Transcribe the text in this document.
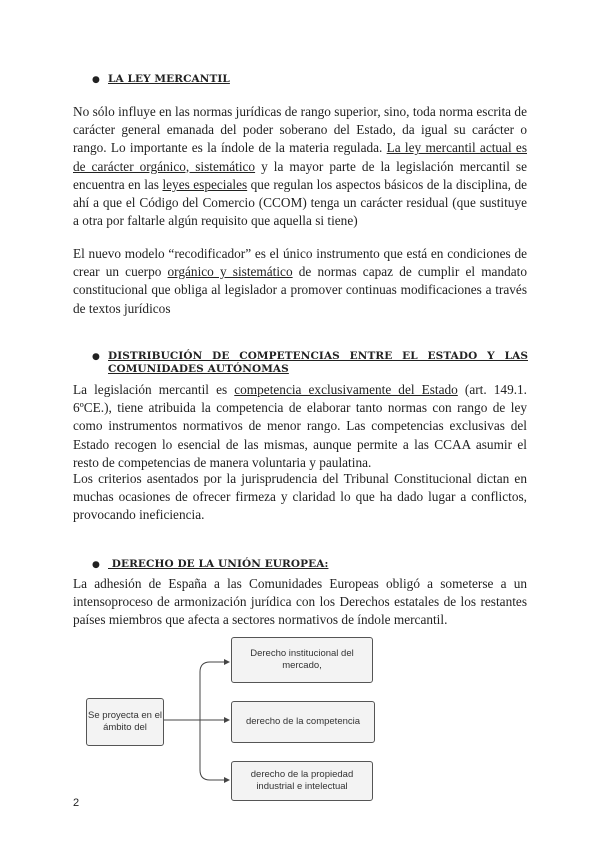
● LA LEY MERCANTIL

No sólo influye en las normas jurídicas de rango superior, sino, toda norma escrita de carácter general emanada del poder soberano del Estado, da igual su carácter o rango. Lo importante es la índole de la materia regulada. La ley mercantil actual es de carácter orgánico, sistemático y la mayor parte de la legislación mercantil se encuentra en las leyes especiales que regulan los aspectos básicos de la disciplina, de ahí a que el Código del Comercio (CCOM) tenga un carácter residual (que sustituye a otra por faltarle algún requisito que aquella si tiene)

El nuevo modelo “recodificador” es el único instrumento que está en condiciones de crear un cuerpo orgánico y sistemático de normas capaz de cumplir el mandato constitucional que obliga al legislador a promover continuas modificaciones a través de textos jurídicos

● DISTRIBUCIÓN DE COMPETENCIAS ENTRE EL ESTADO Y LAS COMUNIDADES AUTÓNOMAS

La legislación mercantil es competencia exclusivamente del Estado (art. 149.1. 6ºCE.), tiene atribuida la competencia de elaborar tanto normas con rango de ley como instrumentos normativos de menor rango. Las competencias exclusivas del Estado recogen lo esencial de las mismas, aunque permite a las CCAA asumir el resto de competencias de manera voluntaria y paulatina.

Los criterios asentados por la jurisprudencia del Tribunal Constitucional dictan en muchas ocasiones de ofrecer firmeza y claridad lo que ha dado lugar a conflictos, provocando ineficiencia.

● DERECHO DE LA UNIÓN EUROPEA:

La adhesión de España a las Comunidades Europeas obligó a someterse a un intensoproceso de armonización jurídica con los Derechos estatales de los restantes países miembros que afecta a sectores normativos de índole mercantil.

Se proyecta en el ámbito del
Derecho institucional del mercado,
derecho de la competencia
derecho de la propiedad industrial e intelectual
2
